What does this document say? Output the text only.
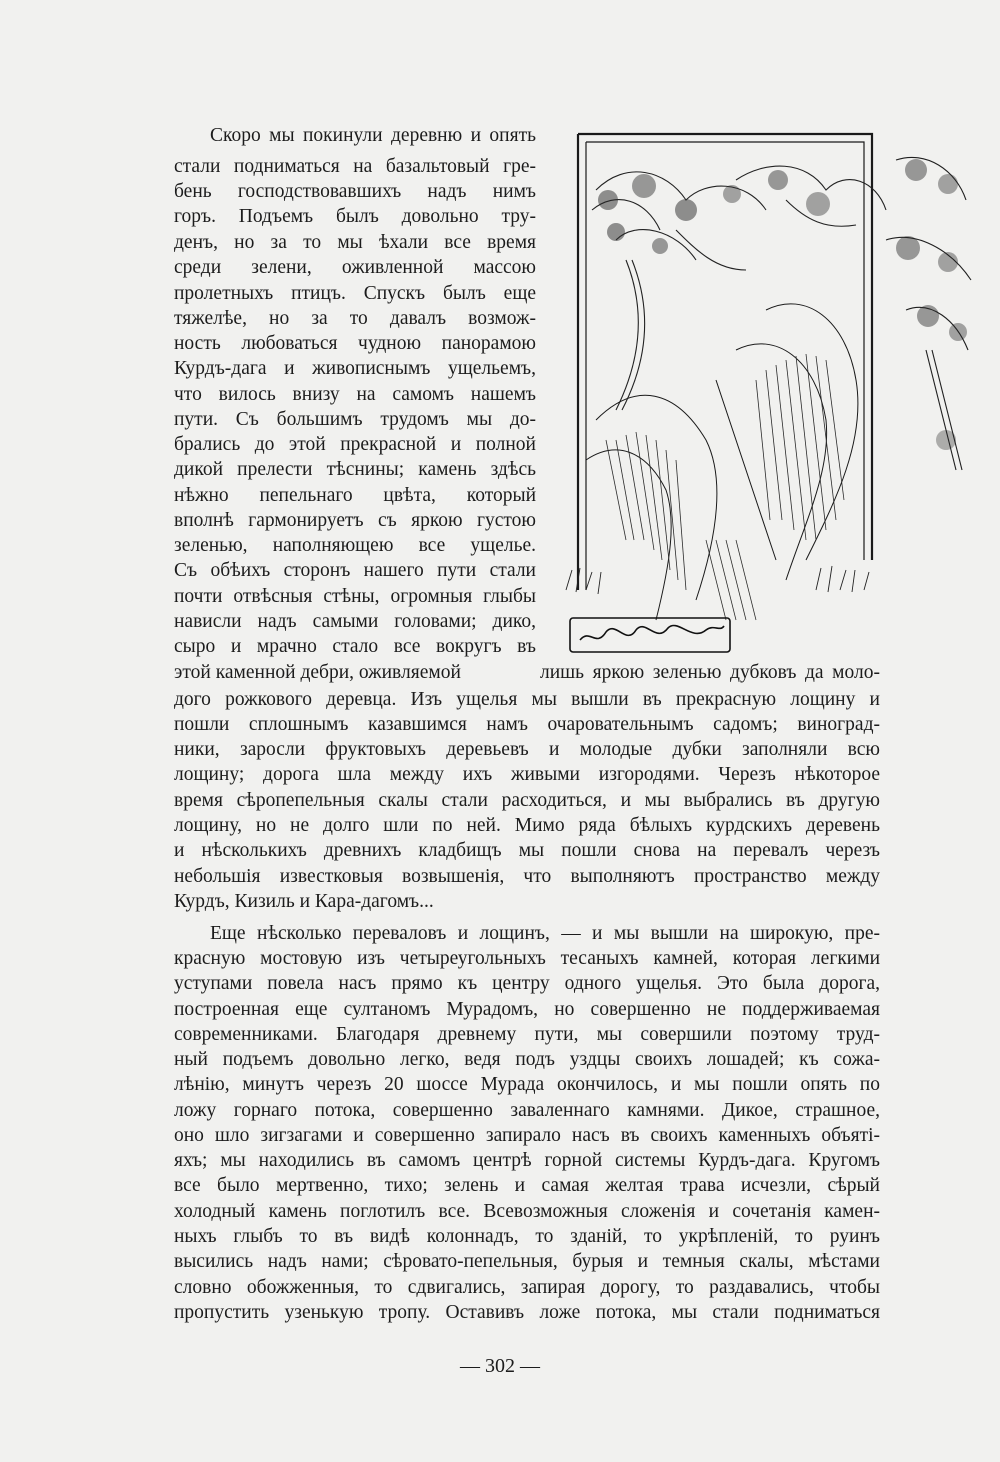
Скоро мы покинули деревню и опять
стали подниматься на базальтовый гре-
бень господствовавшихъ надъ нимъ
горъ. Подъемъ былъ довольно тру-
денъ, но за то мы ѣхали все время
среди зелени, оживленной массою
пролетныхъ птицъ. Спускъ былъ еще
тяжелѣе, но за то давалъ возмож-
ность любоваться чудною панорамою
Курдъ-дага и живописнымъ ущельемъ,
что вилось внизу на самомъ нашемъ
пути. Съ большимъ трудомъ мы до-
брались до этой прекрасной и полной
дикой прелести тѣснины; камень здѣсь
нѣжно пепельнаго цвѣта, который
вполнѣ гармонируетъ съ яркою густою
зеленью, наполняющею все ущелье.
Съ обѣихъ сторонъ нашего пути стали
почти отвѣсныя стѣны, огромныя глыбы
нависли надъ самыми головами; дико,
сыро и мрачно стало все вокругъ въ
этой каменной дебри, оживляемой	лишь яркою зеленью дубковъ да моло-
дого рожкового деревца. Изъ ущелья мы вышли въ прекрасную лощину и
пошли сплошнымъ казавшимся намъ очаровательнымъ садомъ; виноград-
ники, заросли фруктовыхъ деревьевъ и молодые дубки заполняли всю
лощину; дорога шла между ихъ живыми изгородями. Черезъ нѣкоторое
время сѣропепельныя скалы стали расходиться, и мы выбрались въ другую
лощину, но не долго шли по ней. Мимо ряда бѣлыхъ курдскихъ деревень
и нѣсколькихъ древнихъ кладбищъ мы пошли снова на перевалъ черезъ
небольшія известковыя возвышенія, что выполняютъ пространство между
Курдъ, Кизиль и Кара-дагомъ...
Еще нѣсколько переваловъ и лощинъ, — и мы вышли на широкую, пре-
красную мостовую изъ четыреугольныхъ тесаныхъ камней, которая легкими
уступами повела насъ прямо къ центру одного ущелья. Это была дорога,
построенная еще султаномъ Мурадомъ, но совершенно не поддерживаемая
современниками. Благодаря древнему пути, мы совершили поэтому труд-
ный подъемъ довольно легко, ведя подъ уздцы своихъ лошадей; къ сожа-
лѣнію, минутъ черезъ 20 шоссе Мурада окончилось, и мы пошли опять по
ложу горнаго потока, совершенно заваленнаго камнями. Дикое, страшное,
оно шло зигзагами и совершенно запирало насъ въ своихъ каменныхъ объятi-
яхъ; мы находились въ самомъ центрѣ горной системы Курдъ-дага. Кругомъ
все было мертвенно, тихо; зелень и самая желтая трава исчезли, сѣрый
холодный камень поглотилъ все. Всевозможныя сложенія и сочетанія камен-
ныхъ глыбъ то въ видѣ колоннадъ, то зданій, то укрѣпленій, то руинъ
высились надъ нами; сѣровато-пепельныя, бурыя и темныя скалы, мѣстами
словно обожженныя, то сдвигались, запирая дорогу, то раздавались, чтобы
пропустить узенькую тропу. Оставивъ ложе потока, мы стали подниматься
— 302 —
